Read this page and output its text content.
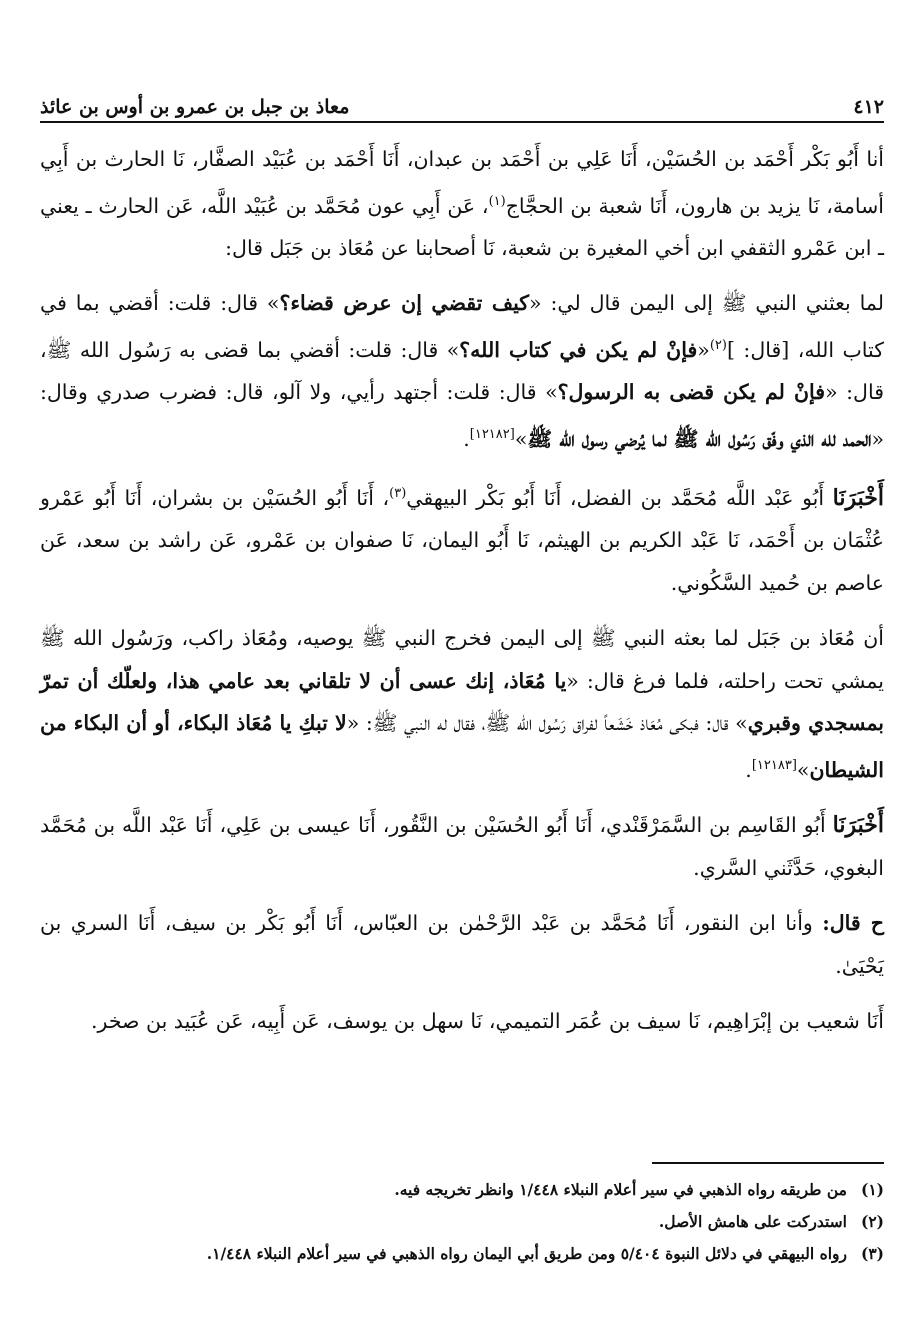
٤١٢
معاذ بن جبل بن عمرو بن أوس بن عائذ

أنا أَبُو بَكْر أَحْمَد بن الحُسَيْن، أَنَا عَلِي بن أَحْمَد بن عبدان، أَنَا أَحْمَد بن عُبَيْد الصفَّار، نَا الحارث بن أَبِي أسامة، نَا يزيد بن هارون، أَنَا شعبة بن الحجَّاج$^{(١)}$، عَن أَبِي عون مُحَمَّد بن عُبَيْد اللَّه، عَن الحارث ـ يعني ـ ابن عَمْرو الثقفي ابن أخي المغيرة بن شعبة، نَا أصحابنا عن مُعَاذ بن جَبَل قال:

لما بعثني النبي ﷺ إلى اليمن قال لي: «كيف تقضي إن عرض قضاء؟» قال: قلت: أقضي بما في كتاب الله، [قال: ]$^{(٢)}$«فإنْ لم يكن في كتاب الله؟» قال: قلت: أقضي بما قضى به رَسُول الله ﷺ، قال: «فإنْ لم يكن قضى به الرسول؟» قال: قلت: أجتهد رأيي، ولا آلو، قال: فضرب صدري وقال: «الحمد لله الذي وفّق رَسُول الله ﷺ لما يُرضي رسول الله ﷺ»[١٢١٨٢].

أَخْبَرَنَا أَبُو عَبْد اللَّه مُحَمَّد بن الفضل، أَنَا أَبُو بَكْر البيهقي$^{(٣)}$، أَنَا أَبُو الحُسَيْن بن بشران، أَنَا أَبُو عَمْرو عُثْمَان بن أَحْمَد، نَا عَبْد الكريم بن الهيثم، نَا أَبُو اليمان، نَا صفوان بن عَمْرو، عَن راشد بن سعد، عَن عاصم بن حُميد السَّكُوني.

أن مُعَاذ بن جَبَل لما بعثه النبي ﷺ إلى اليمن فخرج النبي ﷺ يوصيه، ومُعَاذ راكب، ورَسُول الله ﷺ يمشي تحت راحلته، فلما فرغ قال: «يا مُعَاذ، إنك عسى أن لا تلقاني بعد عامي هذا، ولعلّك أن تمرّ بمسجدي وقبري» قال: فبكى مُعَاذ خَشَعاً لفراق رَسُول الله ﷺ، فقال له النبي ﷺ: «لا تبكِ يا مُعَاذ البكاء، أو أن البكاء من الشيطان»[١٢١٨٣].

أَخْبَرَنَا أَبُو القَاسِم بن السَّمَرْقَنْدي، أَنَا أَبُو الحُسَيْن بن النَّقُور، أَنَا عيسى بن عَلِي، أَنَا عَبْد اللَّه بن مُحَمَّد البغوي، حَدَّثَني السَّري.

ح قال: وأنا ابن النقور، أَنَا مُحَمَّد بن عَبْد الرَّحْمٰن بن العبّاس، أَنَا أَبُو بَكْر بن سيف، أَنَا السري بن يَحْيَىٰ.

أَنَا شعيب بن إبْرَاهِيم، نَا سيف بن عُمَر التميمي، نَا سهل بن يوسف، عَن أَبِيه، عَن عُبَيد بن صخر.

(١)
من طريقه رواه الذهبي في سير أعلام النبلاء ١/٤٤٨ وانظر تخريجه فيه.
(٢)
استدركت على هامش الأصل.
(٣)
رواه البيهقي في دلائل النبوة ٥/٤٠٤ ومن طريق أبي اليمان رواه الذهبي في سير أعلام النبلاء ١/٤٤٨.
